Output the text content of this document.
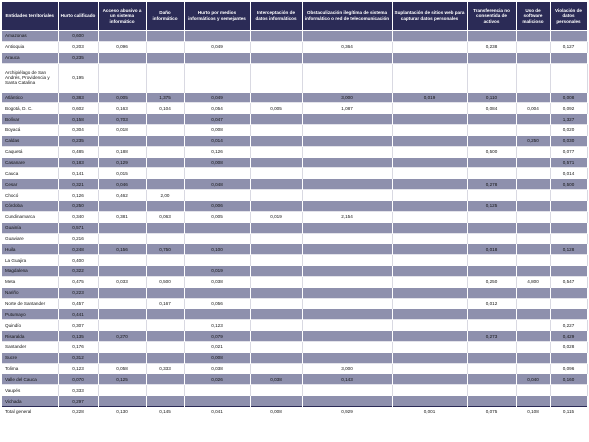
Entidades territoriales	Hurto calificado	Acceso abusivo a un sistema informático	Daño informático	Hurto por medios informáticos y semejantes	Interceptación de datos informáticos	Obstaculización ilegítima de sistema informático o red de telecomunicación	Suplantación de sitios web para capturar datos personales	Transferencia no consentida de activos	Uso de software malicioso	Violación de datos personales
Amazonas	0,600									
Antioquia	0,203	0,096		0,049		0,364		0,238		0,127
Arauca	0,235									
Archipiélago de San Andrés, Providencia y Santa Catalina	0,195									
Atlántico	0,383	0,005	1,375	0,049		3,000	0,019	0,110		0,008
Bogotá, D. C.	0,602	0,163	0,104	0,054	0,005	1,087		0,084	0,004	0,092
Bolívar	0,158	0,703		0,047						1,327
Boyacá	0,304	0,018		0,008						0,020
Caldas	0,235			0,014					0,250	0,030
Caquetá	0,485	0,188		0,126				0,500		0,077
Casanare	0,183	0,129		0,008						0,571
Cauca	0,141	0,015								0,014
Cesar	0,321	0,046		0,048				0,278		0,500
Chocó	0,126	0,462	2,00							
Córdoba	0,250			0,006				0,125		
Cundinamarca	0,340	0,381	0,063	0,005	0,019	2,154				
Guainía	0,571									
Guaviare	0,216									
Huila	0,248	0,156	0,750	0,100				0,018		0,128
La Guajira	0,400									
Magdalena	0,322			0,019						
Meta	0,475	0,033	0,500	0,038				0,250	4,800	0,547
Nariño	0,223									
Norte de Santander	0,457		0,167	0,056				0,012		
Putumayo	0,441									
Quindío	0,307			0,123						0,227
Risaralda	0,135	0,270		0,079				0,273		0,429
Santander	0,176			0,021						0,028
Sucre	0,312			0,008						
Tolima	0,123	0,058	0,333	0,038		3,000				0,096
Valle del Cauca	0,070	0,125		0,026	0,038	0,143			0,040	0,160
Vaupés	0,333									
Vichada	0,297									
Total general	0,228	0,130	0,145	0,041	0,008	0,929	0,001	0,075	0,108	0,115
